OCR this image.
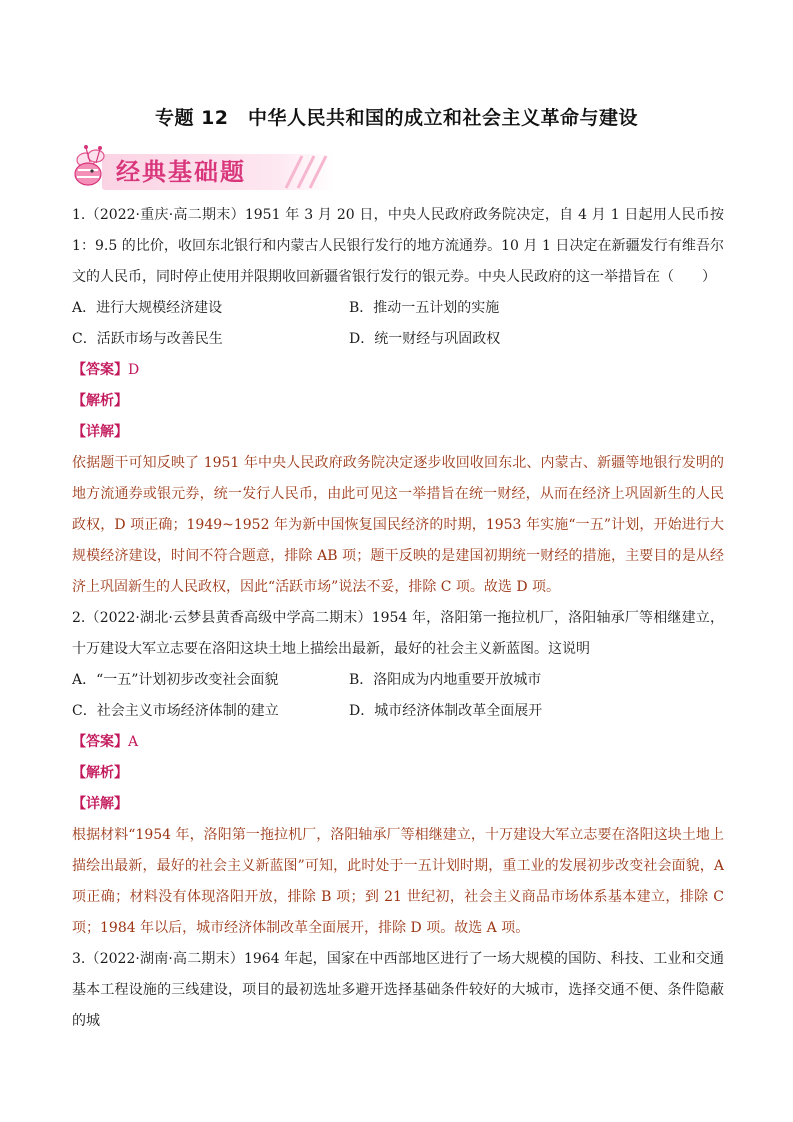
专题 12　中华人民共和国的成立和社会主义革命与建设
经典基础题

1.（2022·重庆·高二期末）1951 年 3 月 20 日，中央人民政府政务院决定，自 4 月 1 日起用人民币按 1：9.5 的比价，收回东北银行和内蒙古人民银行发行的地方流通券。10 月 1 日决定在新疆发行有维吾尔文的人民币，同时停止使用并限期收回新疆省银行发行的银元券。中央人民政府的这一举措旨在（　　）

A．进行大规模经济建设	B．推动一五计划的实施
C．活跃市场与改善民生	D．统一财经与巩固政权
【答案】D
【解析】
【详解】

依据题干可知反映了 1951 年中央人民政府政务院决定逐步收回收回东北、内蒙古、新疆等地银行发明的地方流通券或银元券，统一发行人民币，由此可见这一举措旨在统一财经，从而在经济上巩固新生的人民政权，D 项正确；1949~1952 年为新中国恢复国民经济的时期，1953 年实施“一五”计划，开始进行大规模经济建设，时间不符合题意，排除 AB 项；题干反映的是建国初期统一财经的措施，主要目的是从经济上巩固新生的人民政权，因此“活跃市场”说法不妥，排除 C 项。故选 D 项。

2.（2022·湖北·云梦县黄香高级中学高二期末）1954 年，洛阳第一拖拉机厂，洛阳轴承厂等相继建立，十万建设大军立志要在洛阳这块土地上描绘出最新，最好的社会主义新蓝图。这说明

A．“一五”计划初步改变社会面貌	B．洛阳成为内地重要开放城市
C．社会主义市场经济体制的建立	D．城市经济体制改革全面展开
【答案】A
【解析】
【详解】

根据材料“1954 年，洛阳第一拖拉机厂，洛阳轴承厂等相继建立，十万建设大军立志要在洛阳这块土地上描绘出最新，最好的社会主义新蓝图”可知，此时处于一五计划时期，重工业的发展初步改变社会面貌，A 项正确；材料没有体现洛阳开放，排除 B 项；到 21 世纪初，社会主义商品市场体系基本建立，排除 C 项；1984 年以后，城市经济体制改革全面展开，排除 D 项。故选 A 项。

3.（2022·湖南·高二期末）1964 年起，国家在中西部地区进行了一场大规模的国防、科技、工业和交通基本工程设施的三线建设，项目的最初选址多避开选择基础条件较好的大城市，选择交通不便、条件隐蔽的城
